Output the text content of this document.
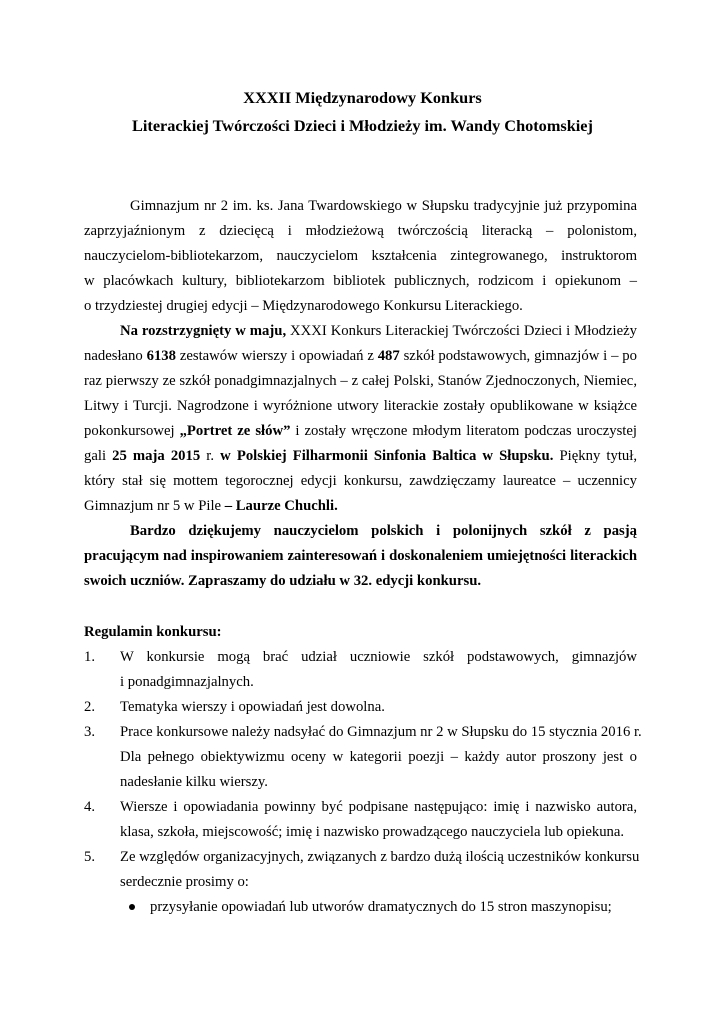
XXXII Międzynarodowy Konkurs
Literackiej Twórczości Dzieci i Młodzieży im. Wandy Chotomskiej
Gimnazjum nr 2 im. ks. Jana Twardowskiego w Słupsku tradycyjnie już przypomina
zaprzyjaźnionym z dziecięcą i młodzieżową twórczością literacką – polonistom,
nauczycielom-bibliotekarzom, nauczycielom kształcenia zintegrowanego, instruktorom
w placówkach kultury, bibliotekarzom bibliotek publicznych, rodzicom i opiekunom –
o trzydziestej drugiej edycji – Międzynarodowego Konkursu Literackiego.
Na rozstrzygnięty w maju, XXXI Konkurs Literackiej Twórczości Dzieci i Młodzieży
nadesłano 6138 zestawów wierszy i opowiadań z 487 szkół podstawowych, gimnazjów i – po
raz pierwszy ze szkół ponadgimnazjalnych – z całej Polski, Stanów Zjednoczonych, Niemiec,
Litwy i Turcji. Nagrodzone i wyróżnione utwory literackie zostały opublikowane w książce
pokonkursowej „Portret ze słów” i zostały wręczone młodym literatom podczas uroczystej
gali 25 maja 2015 r. w Polskiej Filharmonii Sinfonia Baltica w Słupsku. Piękny tytuł,
który stał się mottem tegorocznej edycji konkursu, zawdzięczamy laureatce – uczennicy
Gimnazjum nr 5 w Pile – Laurze Chuchli.
Bardzo dziękujemy nauczycielom polskich i polonijnych szkół z pasją
pracującym nad inspirowaniem zainteresowań i doskonaleniem umiejętności literackich
swoich uczniów. Zapraszamy do udziału w 32. edycji konkursu.
Regulamin konkursu:
1. W konkursie mogą brać udział uczniowie szkół podstawowych, gimnazjów
i ponadgimnazjalnych.
2. Tematyka wierszy i opowiadań jest dowolna.
3. Prace konkursowe należy nadsyłać do Gimnazjum nr 2 w Słupsku do 15 stycznia 2016 r.
Dla pełnego obiektywizmu oceny w kategorii poezji – każdy autor proszony jest o
nadesłanie kilku wierszy.
4. Wiersze i opowiadania powinny być podpisane następująco: imię i nazwisko autora,
klasa, szkoła, miejscowość; imię i nazwisko prowadzącego nauczyciela lub opiekuna.
5. Ze względów organizacyjnych, związanych z bardzo dużą ilością uczestników konkursu
serdecznie prosimy o:
przysyłanie opowiadań lub utworów dramatycznych do 15 stron maszynopisu;
